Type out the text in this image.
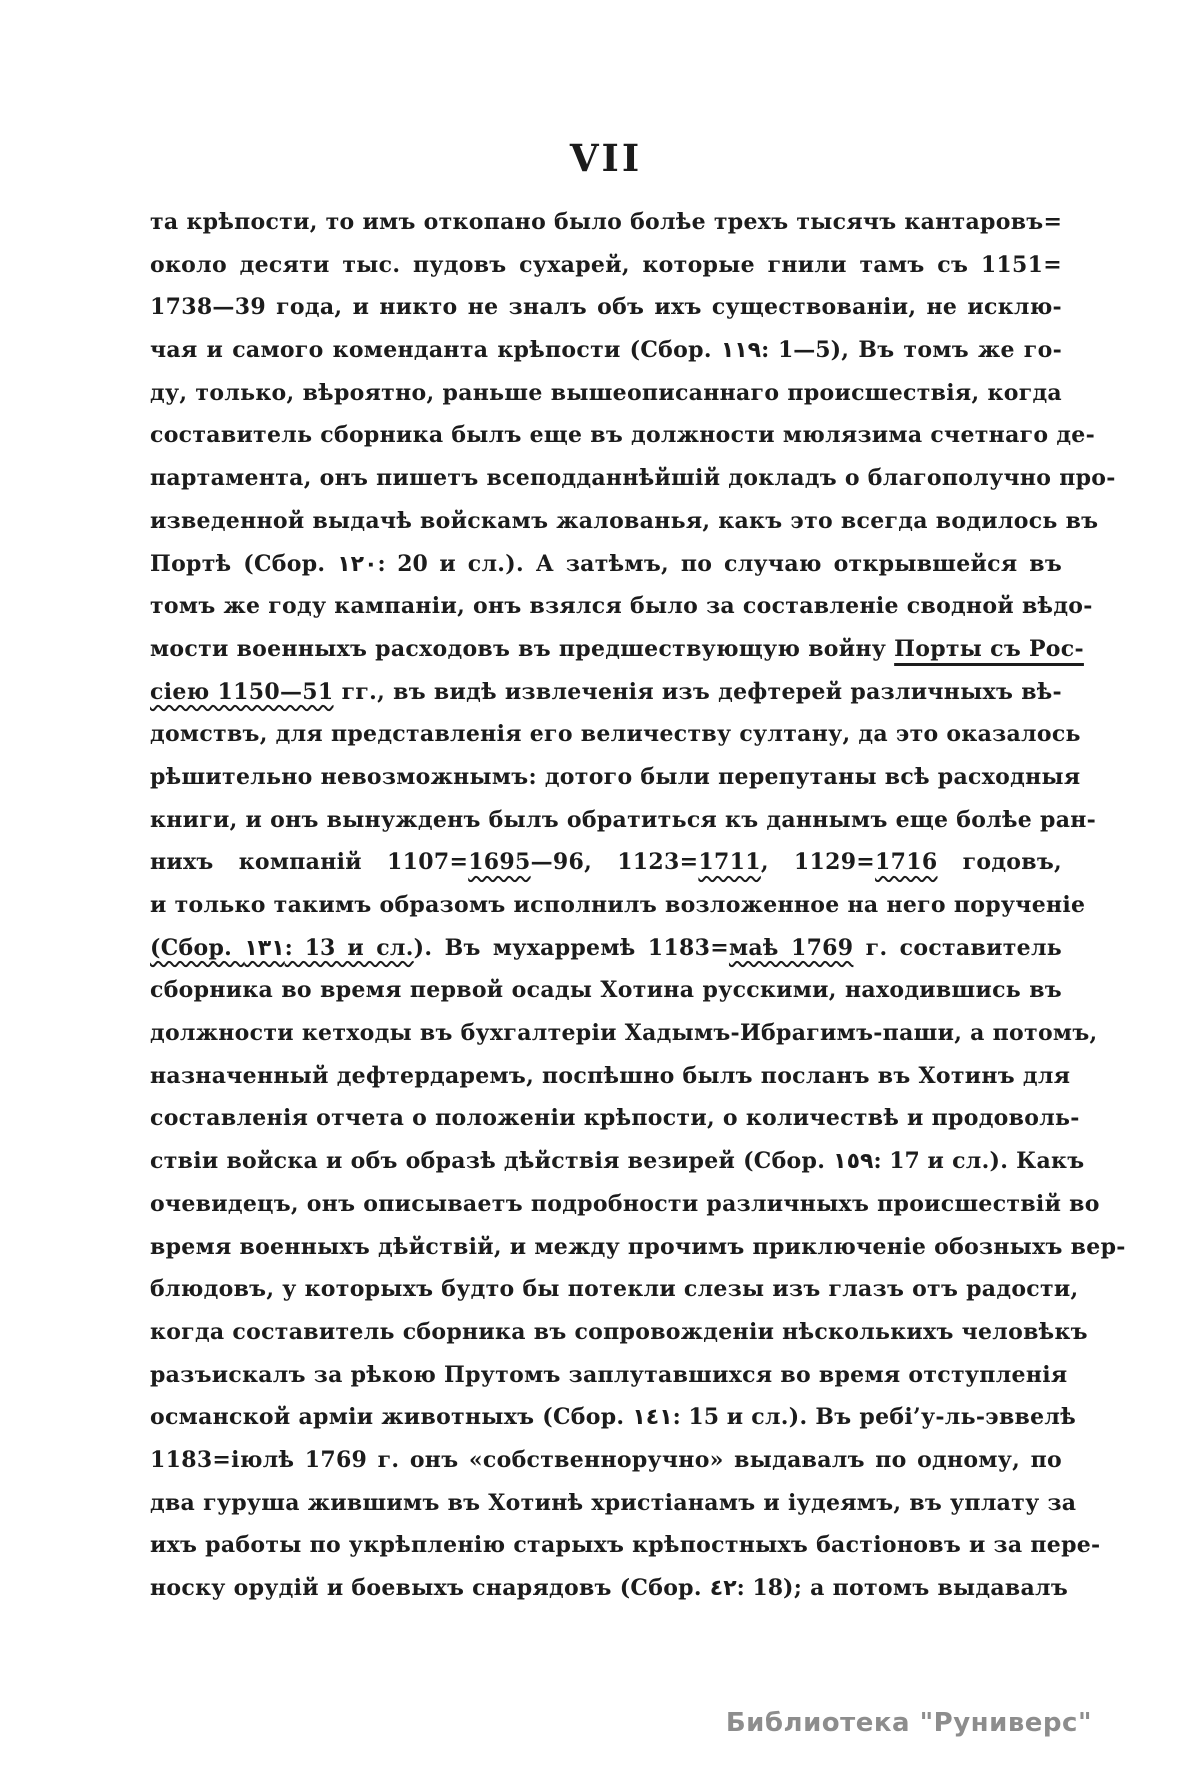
VII
та крѣпости, то имъ откопано было болѣе трехъ тысячъ кантаровъ=
около десяти тыс. пудовъ сухарей, которые гнили тамъ съ 1151=
1738—39 года, и никто не зналъ объ ихъ существованіи, не исклю-
чая и самого коменданта крѣпости (Сбор. ١١٩: 1—5), Въ томъ же го-
ду, только, вѣроятно, раньше вышеописаннаго происшествія, когда
составитель сборника былъ еще въ должности мюлязима счетнаго де-
партамента, онъ пишетъ всеподданнѣйшій докладъ о благополучно про-
изведенной выдачѣ войскамъ жалованья, какъ это всегда водилось въ
Портѣ (Сбор. ١٢٠: 20 и сл.). А затѣмъ, по случаю открывшейся въ
томъ же году кампаніи, онъ взялся было за составленіе сводной вѣдо-
мости военныхъ расходовъ въ предшествующую войну Порты съ Рос-
сіею 1150—51 гг., въ видѣ извлеченія изъ дефтерей различныхъ вѣ-
домствъ, для представленія его величеству султану, да это оказалось
рѣшительно невозможнымъ: дотого были перепутаны всѣ расходныя
книги, и онъ вынужденъ былъ обратиться къ даннымъ еще болѣе ран-
нихъ компаній 1107=1695—96, 1123=1711, 1129=1716 годовъ,
и только такимъ образомъ исполнилъ возложенное на него порученіе
(Сбор. ١٣١: 13 и сл.). Въ мухарремѣ 1183=маѣ 1769 г. составитель
сборника во время первой осады Хотина русскими, находившись въ
должности кетходы въ бухгалтеріи Хадымъ-Ибрагимъ-паши, а потомъ,
назначенный дефтердаремъ, поспѣшно былъ посланъ въ Хотинъ для
составленія отчета о положеніи крѣпости, о количествѣ и продоволь-
ствіи войска и объ образѣ дѣйствія везирей (Сбор. ١٥٩: 17 и сл.). Какъ
очевидецъ, онъ описываетъ подробности различныхъ происшествій во
время военныхъ дѣйствій, и между прочимъ приключеніе обозныхъ вер-
блюдовъ, у которыхъ будто бы потекли слезы изъ глазъ отъ радости,
когда составитель сборника въ сопровожденіи нѣсколькихъ человѣкъ
разъискалъ за рѣкою Прутомъ заплутавшихся во время отступленія
османской арміи животныхъ (Сбор. ١٤١: 15 и сл.). Въ ребі’у-ль-эввелѣ
1183=іюлѣ 1769 г. онъ «собственноручно» выдавалъ по одному, по
два гуруша жившимъ въ Хотинѣ христіанамъ и іудеямъ, въ уплату за
ихъ работы по укрѣпленію старыхъ крѣпостныхъ бастіоновъ и за пере-
носку орудій и боевыхъ снарядовъ (Сбор. ٤٢: 18); а потомъ выдавалъ
Библиотека "Руниверс"
